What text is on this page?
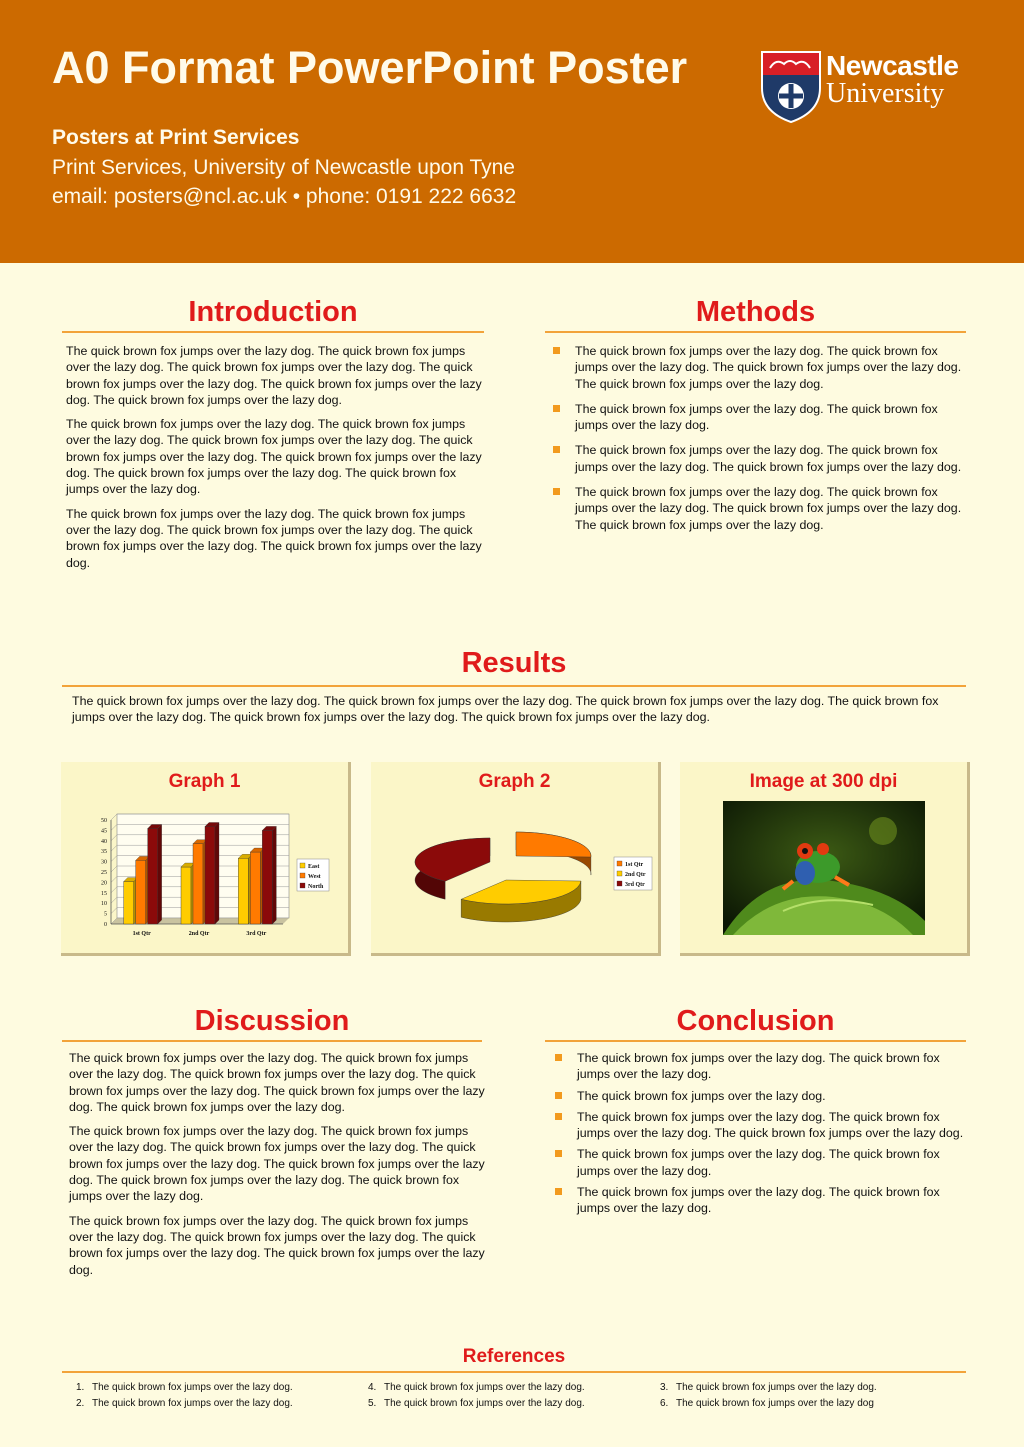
A0 Format PowerPoint Poster
Posters at Print Services
Print Services, University of Newcastle upon Tyne
email: posters@ncl.ac.uk • phone: 0191 222 6632
Newcastle
University
Introduction

The quick brown fox jumps over the lazy dog. The quick brown fox jumps over the lazy dog. The quick brown fox jumps over the lazy dog. The quick brown fox jumps over the lazy dog. The quick brown fox jumps over the lazy dog. The quick brown fox jumps over the lazy dog.

The quick brown fox jumps over the lazy dog. The quick brown fox jumps over the lazy dog. The quick brown fox jumps over the lazy dog. The quick brown fox jumps over the lazy dog. The quick brown fox jumps over the lazy dog. The quick brown fox jumps over the lazy dog. The quick brown fox jumps over the lazy dog.

The quick brown fox jumps over the lazy dog. The quick brown fox jumps over the lazy dog. The quick brown fox jumps over the lazy dog. The quick brown fox jumps over the lazy dog. The quick brown fox jumps over the lazy dog.

Methods
The quick brown fox jumps over the lazy dog. The quick brown fox jumps over the lazy dog. The quick brown fox jumps over the lazy dog. The quick brown fox jumps over the lazy dog.
The quick brown fox jumps over the lazy dog. The quick brown fox jumps over the lazy dog.
The quick brown fox jumps over the lazy dog. The quick brown fox jumps over the lazy dog. The quick brown fox jumps over the lazy dog.
The quick brown fox jumps over the lazy dog. The quick brown fox jumps over the lazy dog. The quick brown fox jumps over the lazy dog. The quick brown fox jumps over the lazy dog.
Results
The quick brown fox jumps over the lazy dog. The quick brown fox jumps over the lazy dog. The quick brown fox jumps over the lazy dog. The quick brown fox jumps over the lazy dog. The quick brown fox jumps over the lazy dog. The quick brown fox jumps over the lazy dog.
Graph 1
0
5
10
15
20
25
30
35
40
45
50
1st Qtr	2nd Qtr	3rd Qtr
East
West
North
Graph 2
1st Qtr
2nd Qtr
3rd Qtr
Image at 300 dpi
Discussion

The quick brown fox jumps over the lazy dog. The quick brown fox jumps over the lazy dog. The quick brown fox jumps over the lazy dog. The quick brown fox jumps over the lazy dog. The quick brown fox jumps over the lazy dog. The quick brown fox jumps over the lazy dog.

The quick brown fox jumps over the lazy dog. The quick brown fox jumps over the lazy dog. The quick brown fox jumps over the lazy dog. The quick brown fox jumps over the lazy dog. The quick brown fox jumps over the lazy dog. The quick brown fox jumps over the lazy dog. The quick brown fox jumps over the lazy dog.

The quick brown fox jumps over the lazy dog. The quick brown fox jumps over the lazy dog. The quick brown fox jumps over the lazy dog. The quick brown fox jumps over the lazy dog. The quick brown fox jumps over the lazy dog.

Conclusion
The quick brown fox jumps over the lazy dog. The quick brown fox jumps over the lazy dog.
The quick brown fox jumps over the lazy dog.
The quick brown fox jumps over the lazy dog. The quick brown fox jumps over the lazy dog. The quick brown fox jumps over the lazy dog.
The quick brown fox jumps over the lazy dog. The quick brown fox jumps over the lazy dog.
The quick brown fox jumps over the lazy dog. The quick brown fox jumps over the lazy dog.
References
1. The quick brown fox jumps over the lazy dog.
2. The quick brown fox jumps over the lazy dog.
4. The quick brown fox jumps over the lazy dog.
5. The quick brown fox jumps over the lazy dog.
3. The quick brown fox jumps over the lazy dog.
6. The quick brown fox jumps over the lazy dog
